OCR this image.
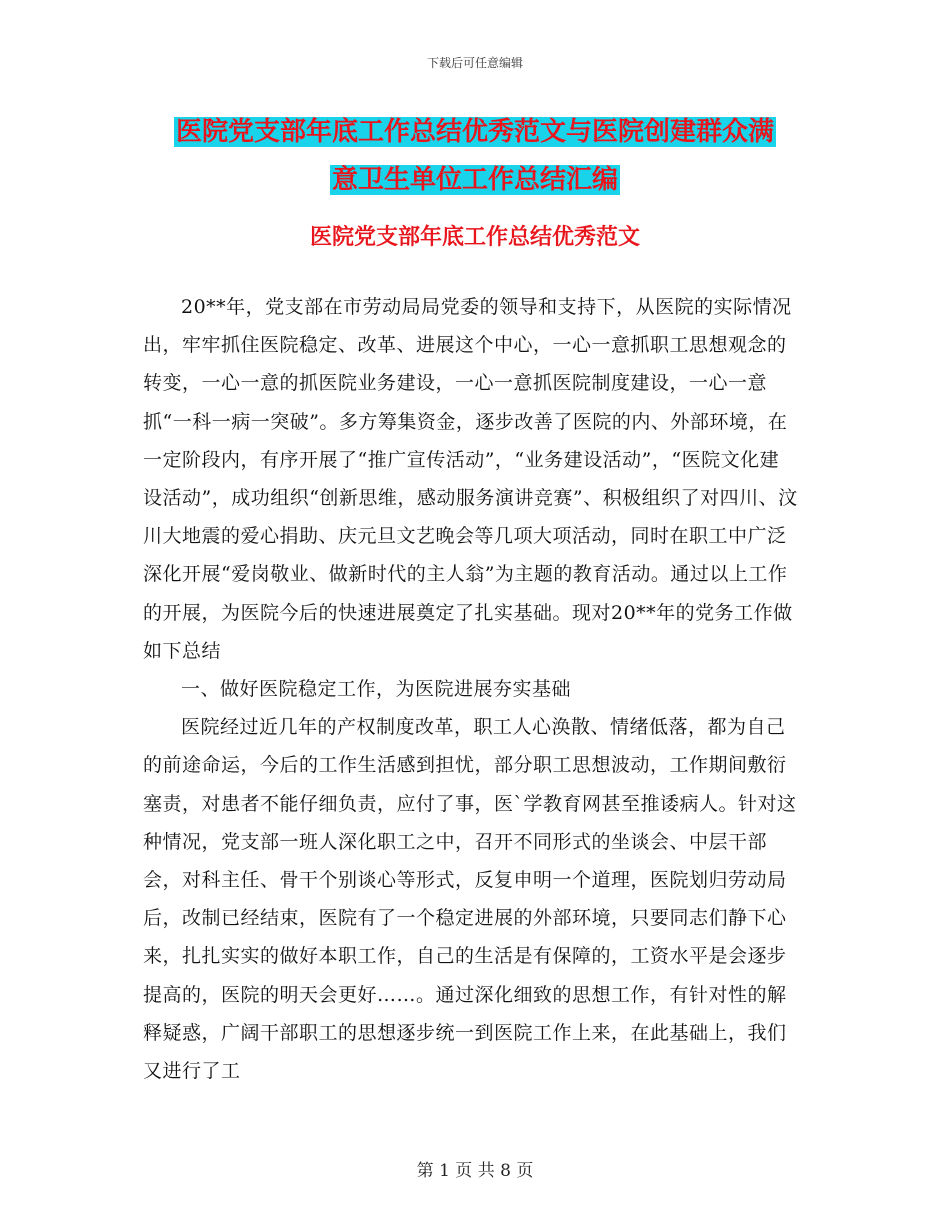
下载后可任意编辑
医院党支部年底工作总结优秀范文与医院创建群众满
意卫生单位工作总结汇编
医院党支部年底工作总结优秀范文

20**年，党支部在市劳动局局党委的领导和支持下，从医院的实际情况出，牢牢抓住医院稳定、改革、进展这个中心，一心一意抓职工思想观念的转变，一心一意的抓医院业务建设，一心一意抓医院制度建设，一心一意抓“一科一病一突破”。多方筹集资金，逐步改善了医院的内、外部环境，在一定阶段内，有序开展了“推广宣传活动”，“业务建设活动”，“医院文化建设活动”，成功组织“创新思维，感动服务演讲竞赛”、积极组织了对四川、汶川大地震的爱心捐助、庆元旦文艺晚会等几项大项活动，同时在职工中广泛深化开展“爱岗敬业、做新时代的主人翁”为主题的教育活动。通过以上工作的开展，为医院今后的快速进展奠定了扎实基础。现对20**年的党务工作做如下总结

一、做好医院稳定工作，为医院进展夯实基础

医院经过近几年的产权制度改革，职工人心涣散、情绪低落，都为自己的前途命运，今后的工作生活感到担忧，部分职工思想波动，工作期间敷衍塞责，对患者不能仔细负责，应付了事，医`学教育网甚至推诿病人。针对这种情况，党支部一班人深化职工之中，召开不同形式的坐谈会、中层干部会，对科主任、骨干个别谈心等形式，反复申明一个道理，医院划归劳动局后，改制已经结束，医院有了一个稳定进展的外部环境，只要同志们静下心来，扎扎实实的做好本职工作，自己的生活是有保障的，工资水平是会逐步提高的，医院的明天会更好……。通过深化细致的思想工作，有针对性的解释疑惑，广阔干部职工的思想逐步统一到医院工作上来，在此基础上，我们又进行了工

第 1 页 共 8 页
